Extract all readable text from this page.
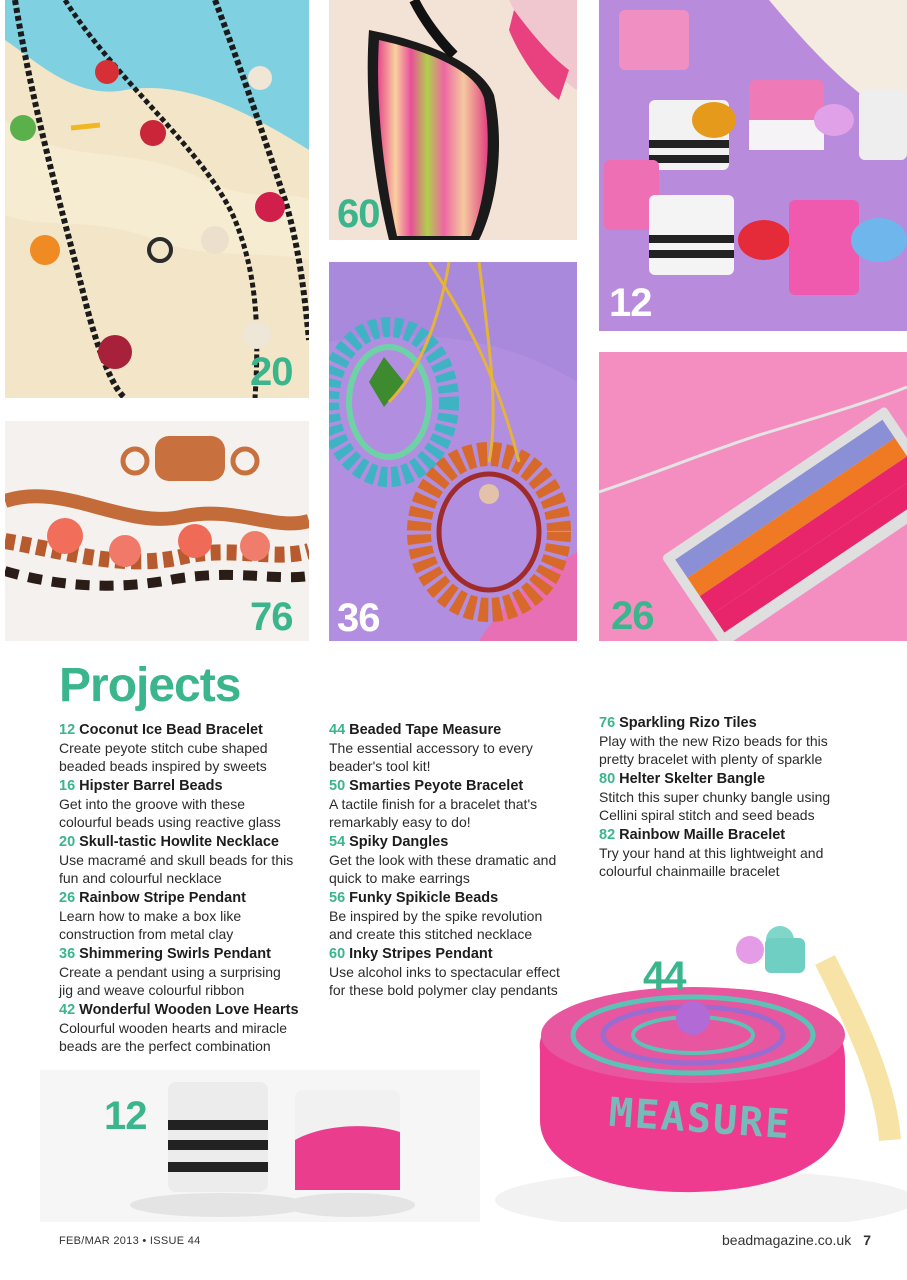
20
60
12
76 36	26
44
MEASURE
12
Projects
12 Coconut Ice Bead Bracelet
Create peyote stitch cube shaped
beaded beads inspired by sweets
16 Hipster Barrel Beads
Get into the groove with these
colourful beads using reactive glass
20 Skull-tastic Howlite Necklace
Use macramé and skull beads for this
fun and colourful necklace
26 Rainbow Stripe Pendant
Learn how to make a box like
construction from metal clay
36 Shimmering Swirls Pendant
Create a pendant using a surprising
jig and weave colourful ribbon
42 Wonderful Wooden Love Hearts
Colourful wooden hearts and miracle
beads are the perfect combination
44 Beaded Tape Measure
The essential accessory to every
beader's tool kit!
50 Smarties Peyote Bracelet
A tactile finish for a bracelet that's
remarkably easy to do!
54 Spiky Dangles
Get the look with these dramatic and
quick to make earrings
56 Funky Spikicle Beads
Be inspired by the spike revolution
and create this stitched necklace
60 Inky Stripes Pendant
Use alcohol inks to spectacular effect
for these bold polymer clay pendants
76 Sparkling Rizo Tiles
Play with the new Rizo beads for this
pretty bracelet with plenty of sparkle
80 Helter Skelter Bangle
Stitch this super chunky bangle using
Cellini spiral stitch and seed beads
82 Rainbow Maille Bracelet
Try your hand at this lightweight and
colourful chainmaille bracelet
FEB/MAR 2013 • ISSUE 44	beadmagazine.co.uk 7
